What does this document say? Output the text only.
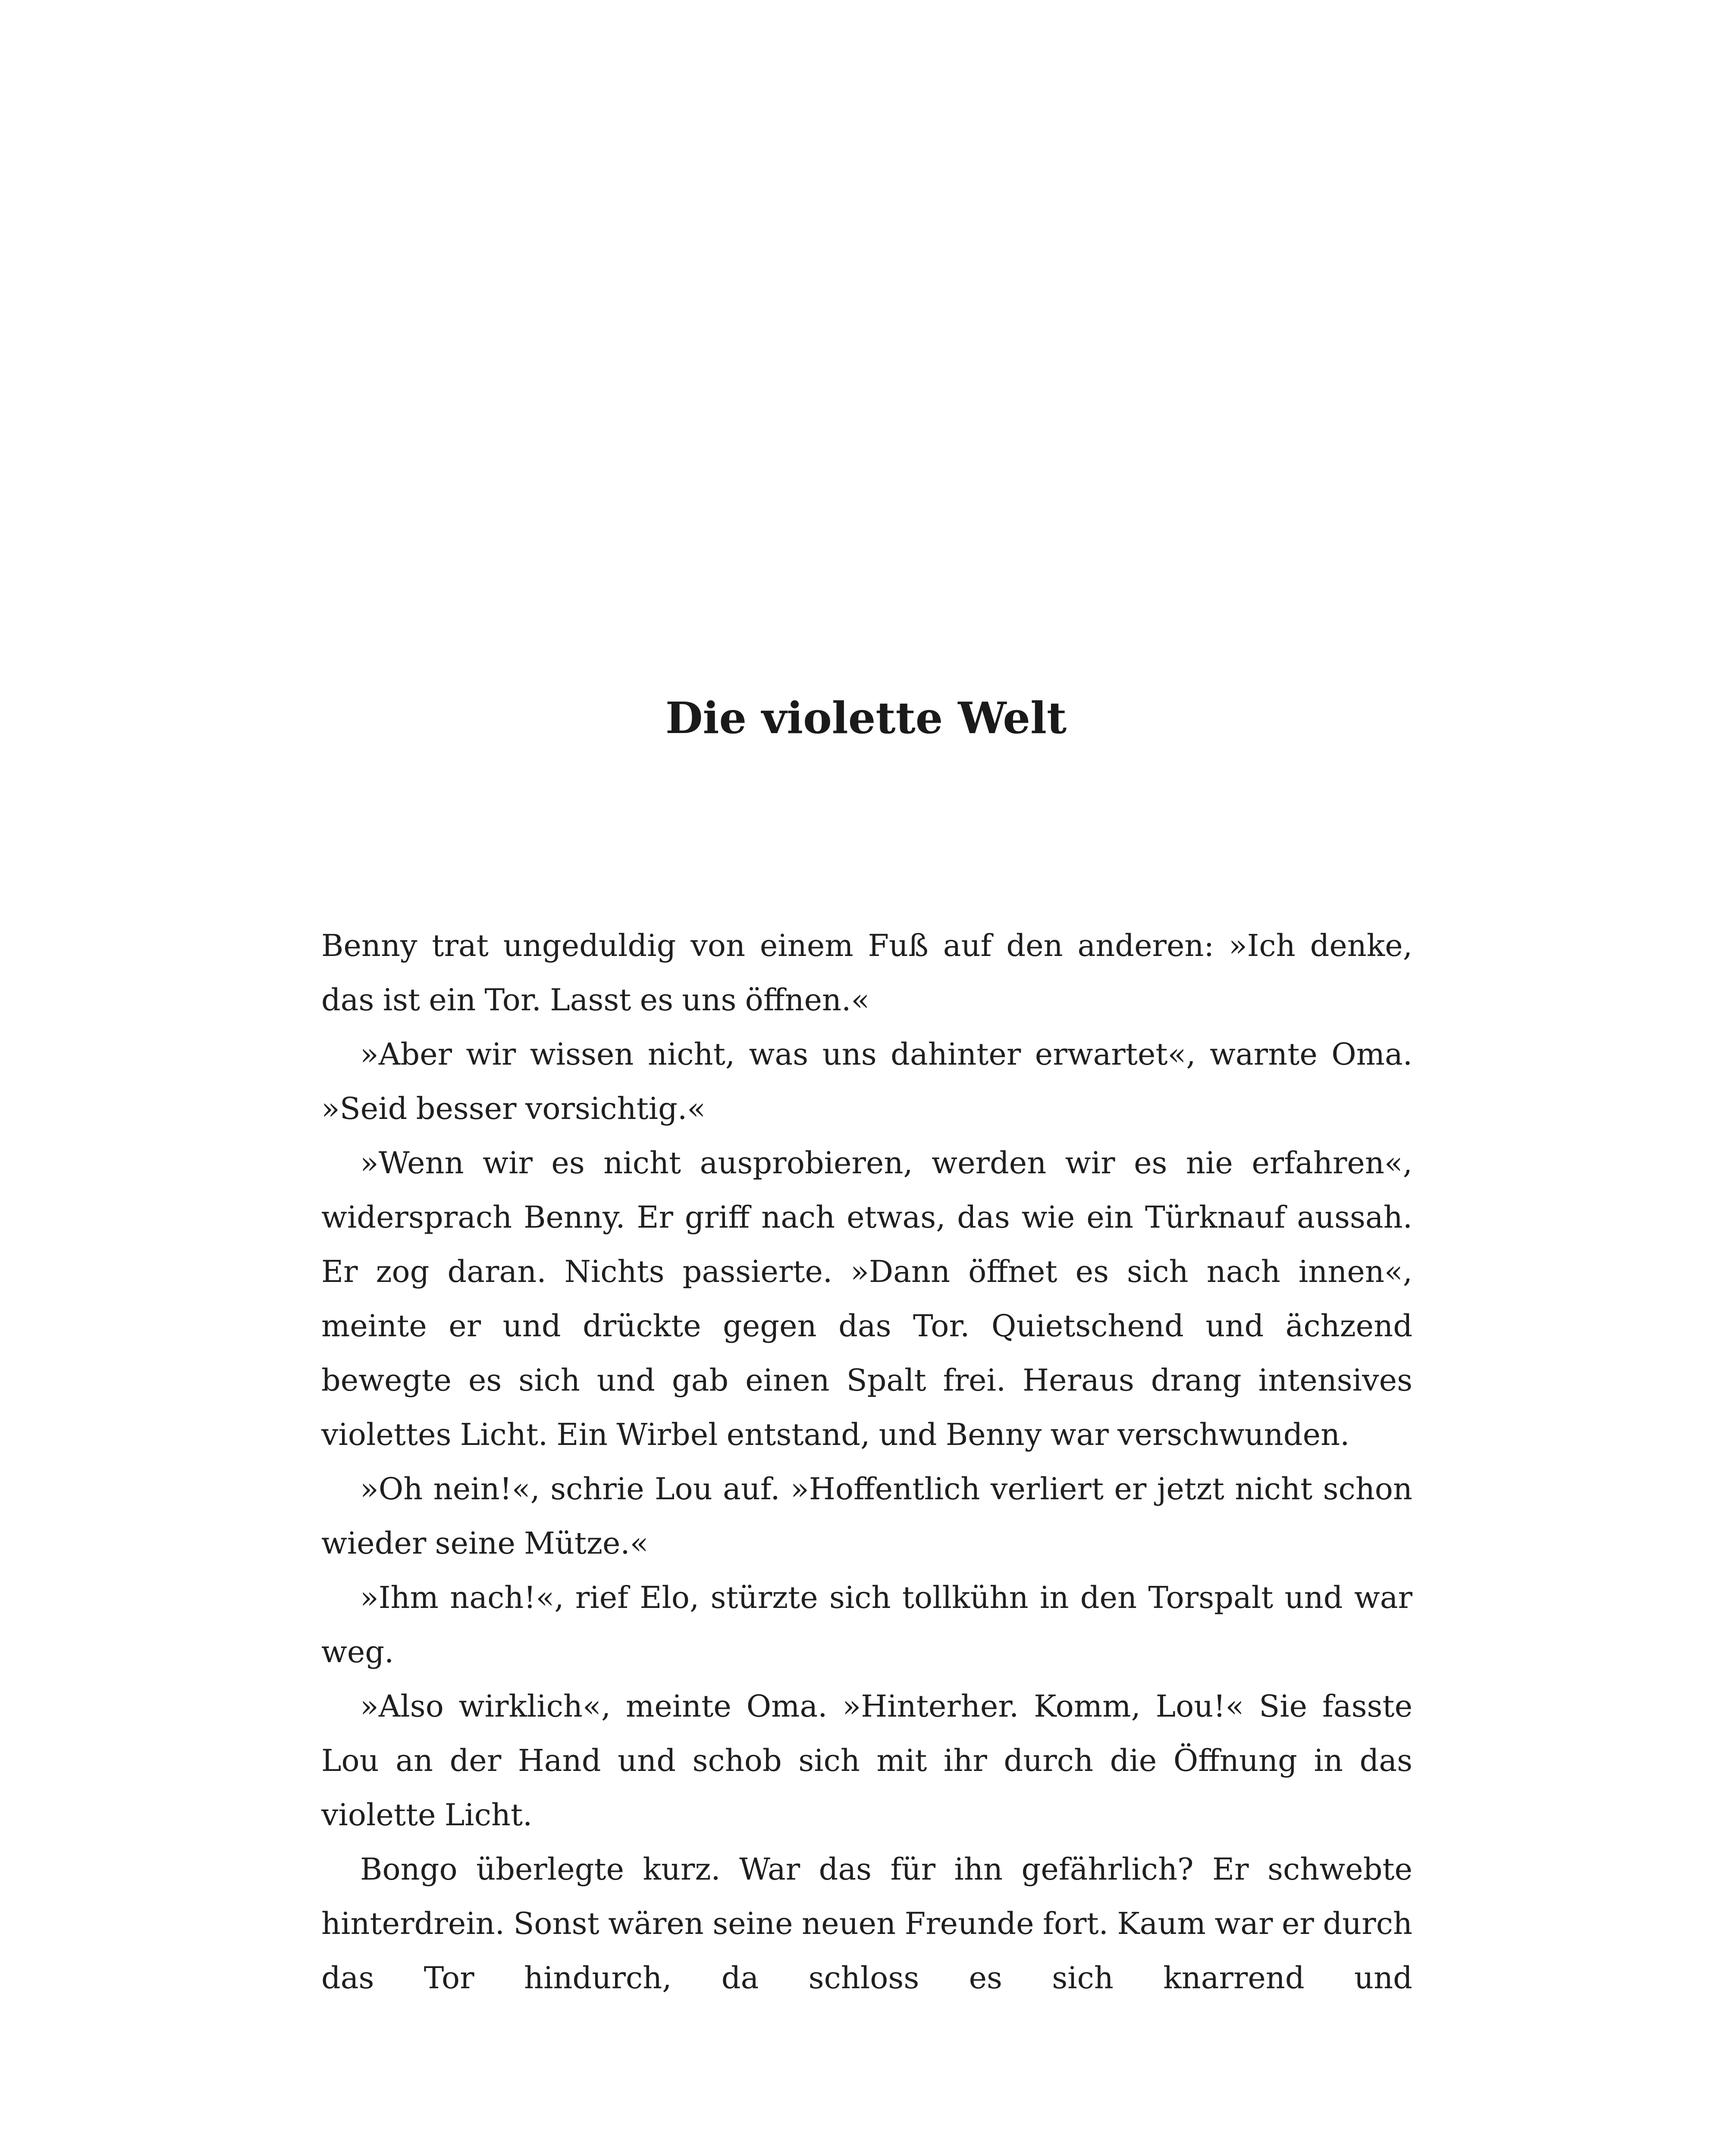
Die violette Welt

Benny trat ungeduldig von einem Fuß auf den anderen: »Ich denke, das ist ein Tor. Lasst es uns öffnen.«

»Aber wir wissen nicht, was uns dahinter erwartet«, warnte Oma. »Seid besser vorsichtig.«

»Wenn wir es nicht ausprobieren, werden wir es nie erfahren«, widersprach Benny. Er griff nach etwas, das wie ein Türknauf aussah. Er zog daran. Nichts passierte. »Dann öffnet es sich nach innen«, meinte er und drückte gegen das Tor. Quietschend und ächzend bewegte es sich und gab einen Spalt frei. Heraus drang intensives violettes Licht. Ein Wirbel entstand, und Benny war verschwunden.

»Oh nein!«, schrie Lou auf. »Hoffentlich verliert er jetzt nicht schon wieder seine Mütze.«

»Ihm nach!«, rief Elo, stürzte sich tollkühn in den Torspalt und war weg.

»Also wirklich«, meinte Oma. »Hinterher. Komm, Lou!« Sie fasste Lou an der Hand und schob sich mit ihr durch die Öffnung in das violette Licht.

Bongo überlegte kurz. War das für ihn gefährlich? Er schwebte hinterdrein. Sonst wären seine neuen Freunde fort. Kaum war er durch das Tor hindurch, da schloss es sich knarrend und
